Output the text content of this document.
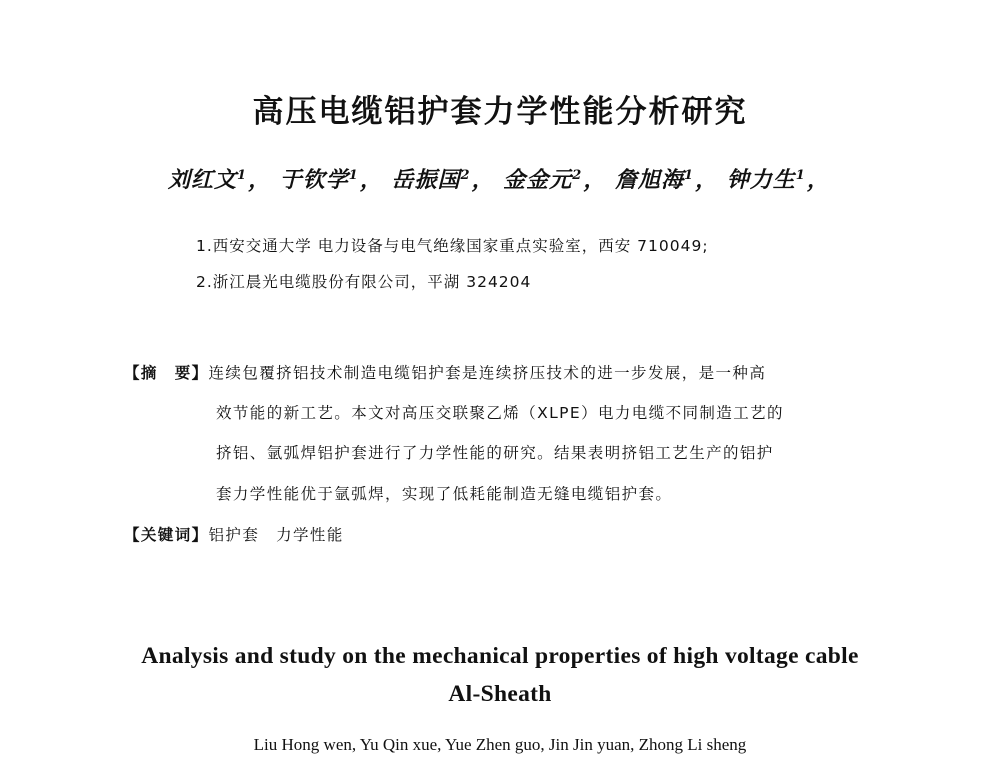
高压电缆铝护套力学性能分析研究
刘红文$^1$， 于钦学$^1$， 岳振国$^2$， 金金元$^2$， 詹旭海$^1$， 钟力生$^1$，
1.西安交通大学 电力设备与电气绝缘国家重点实验室，西安 710049;
2.浙江晨光电缆股份有限公司，平湖 324204
【摘　要】连续包覆挤铝技术制造电缆铝护套是连续挤压技术的进一步发展，是一种高
效节能的新工艺。本文对高压交联聚乙烯（XLPE）电力电缆不同制造工艺的
挤铝、氩弧焊铝护套进行了力学性能的研究。结果表明挤铝工艺生产的铝护
套力学性能优于氩弧焊，实现了低耗能制造无缝电缆铝护套。
【关键词】铝护套　力学性能
Analysis and study on the mechanical properties of high voltage cable
Al-Sheath
Liu Hong wen, Yu Qin xue, Yue Zhen guo, Jin Jin yuan, Zhong Li sheng
